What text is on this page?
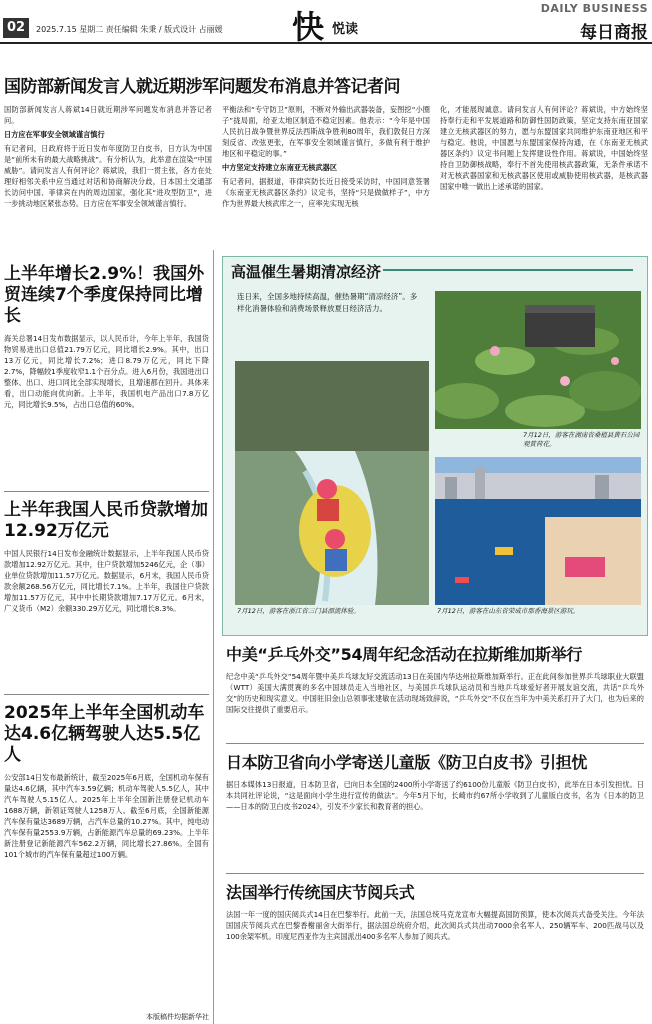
02	2025.7.15 星期二 责任编辑 朱秉 / 版式设计 占丽媛 快 悦读
DAILY BUSINESS
每日商报
国防部新闻发言人就近期涉军问题发布消息并答记者问
国防部新闻发言人蒋斌14日就近期涉军问题发布消息并答记者问。
日方应在军事安全领域谨言慎行
有记者问，日政府将于近日发布年度防卫白皮书，日方认为中国是“前所未有的最大战略挑战”。有分析认为，此举意在渲染“中国威胁”。请问发言人有何评论？蒋斌说，我们一贯主张，各方在处理好相邻关系中应当通过对话和协商解决分歧，日本国土交通部长访问中国、菲律宾在内的周边国家，强化其“进攻型防卫”，进一步挑动地区紧张态势。日方应在军事安全领域谨言慎行。
平衡法和“专守防卫”原则，不断对外输出武器装备，妄图挖“小圈子”拢局面，给亚太地区制造不稳定因素。他表示：“今年是中国人民抗日战争暨世界反法西斯战争胜利80周年，我们敦促日方深刻反省、改弦更张，在军事安全领域谨言慎行，多做有利于维护地区和平稳定的事。”
中方坚定支持建立东南亚无核武器区
有记者问，据报道，菲律宾防长近日接受采访时，中国同意签署《东南亚无核武器区条约》议定书，坚持“只是做做样子”，中方作为世界最大核武库之一，应率先实现无核
化，才能展现诚意。请问发言人有何评论？蒋斌说，中方始终坚持奉行走和平发展道路和防御性国防政策，坚定支持东南亚国家建立无核武器区的努力，愿与东盟国家共同维护东南亚地区和平与稳定。他说，中国愿与东盟国家保持沟通，在《东南亚无核武器区条约》议定书问题上发挥建设性作用。蒋斌说，中国始终坚持自卫防御核战略，奉行不首先使用核武器政策，无条件承诺不对无核武器国家和无核武器区使用或威胁使用核武器，是核武器国家中唯一做出上述承诺的国家。
上半年增长2.9%！我国外贸连续7个季度保持同比增长

海关总署14日发布数据显示，以人民币计，今年上半年，我国货物贸易进出口总值21.79万亿元，同比增长2.9%。其中，出口13万亿元，同比增长7.2%；进口8.79万亿元，同比下降2.7%，降幅较1季度收窄1.1个百分点。进入6月份，我国进出口整体、出口、进口同比全部实现增长，且增速都在回升。具体来看，出口动能向优向新。上半年，我国机电产品出口7.8万亿元，同比增长9.5%，占出口总值的60%。

上半年我国人民币贷款增加12.92万亿元

中国人民银行14日发布金融统计数据显示，上半年我国人民币贷款增加12.92万亿元。其中，住户贷款增加5246亿元，企（事）业单位贷款增加11.57万亿元。数据显示，6月末，我国人民币贷款余额268.56万亿元，同比增长7.1%。上半年，我国住户贷款增加11.57万亿元，其中中长期贷款增加7.17万亿元。6月末，广义货币（M2）余额330.29万亿元，同比增长8.3%。

2025年上半年全国机动车达4.6亿辆驾驶人达5.5亿人

公安部14日发布最新统计，截至2025年6月底，全国机动车保有量达4.6亿辆，其中汽车3.59亿辆；机动车驾驶人5.5亿人，其中汽车驾驶人5.15亿人。2025年上半年全国新注册登记机动车1688万辆，新领证驾驶人1258万人。截至6月底，全国新能源汽车保有量达3689万辆，占汽车总量的10.27%。其中，纯电动汽车保有量2553.9万辆，占新能源汽车总量的69.23%。上半年新注册登记新能源汽车562.2万辆，同比增长27.86%。全国有101个城市的汽车保有量超过100万辆。

本版稿件均据新华社
高温催生暑期清凉经济
连日来，全国多地持续高温，催热暑期“清凉经济”。多样化消暑体验和消费场景释放夏日经济活力。
7月12日，游客在湖南省桑植县黄石公园观赏荷花。
7月12日，游客在浙江省三门县漂流体验。	7月12日，游客在山东省荣成市那香海景区游玩。
中美“乒乓外交”54周年纪念活动在拉斯维加斯举行

纪念中美“乒乓外交”54周年暨中美乒乓球友好交流活动13日在美国内华达州拉斯维加斯举行。正在此间参加世界乒乓球职业大联盟（WTT）美国大满贯赛的多名中国球员走入当地社区，与美国乒乓球队运动员和当地乒乓球爱好者开展友谊交流，共话“乒乓外交”的历史和现实意义。中国驻旧金山总领事张建敏在活动现场致辞说，“乒乓外交”不仅在当年为中美关系打开了大门，也为后来的国际交往提供了重要启示。

日本防卫省向小学寄送儿童版《防卫白皮书》引担忧

据日本媒体13日报道，日本防卫省，已向日本全国的2400所小学寄送了约6100份儿童版《防卫白皮书》，此举在日本引发担忧。日本共同社评论说，“这是面向小学生进行宣传的做法”。今年5月下旬，长崎市约67所小学收到了儿童版白皮书，名为《日本的防卫——日本的防卫白皮书2024》，引发不少家长和教育者的担心。

法国举行传统国庆节阅兵式

法国一年一度的国庆阅兵式14日在巴黎举行。此前一天，法国总统马克龙宣布大幅提高国防预算，使本次阅兵式备受关注。今年法国国庆节阅兵式在巴黎香榭丽舍大街举行，据法国总统府介绍，此次阅兵式共出动7000余名军人、250辆军车、200匹战马以及100余架军机。印度尼西亚作为主宾国派出400多名军人参加了阅兵式。
